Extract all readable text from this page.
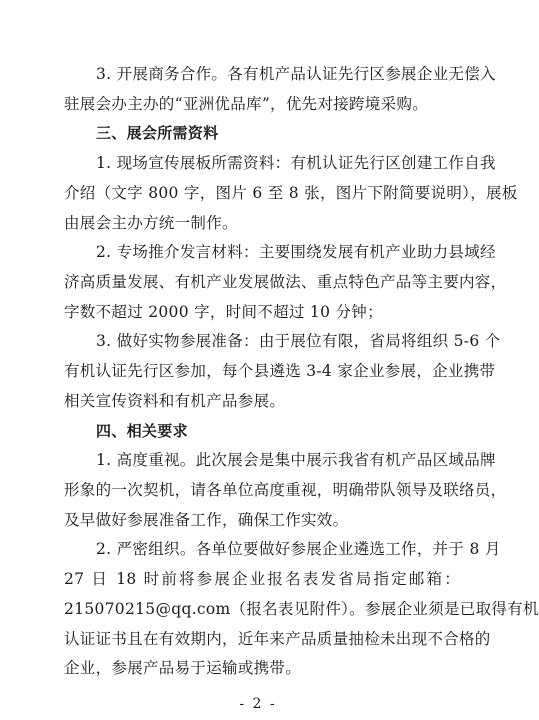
3. 开展商务合作。各有机产品认证先行区参展企业无偿入
驻展会办主办的“亚洲优品库”，优先对接跨境采购。
三、展会所需资料
1. 现场宣传展板所需资料：有机认证先行区创建工作自我
介绍（文字 800 字，图片 6 至 8 张，图片下附简要说明），展板
由展会主办方统一制作。
2. 专场推介发言材料：主要围绕发展有机产业助力县域经
济高质量发展、有机产业发展做法、重点特色产品等主要内容，
字数不超过 2000 字，时间不超过 10 分钟；
3. 做好实物参展准备：由于展位有限，省局将组织 5-6 个
有机认证先行区参加，每个县遴选 3-4 家企业参展，企业携带
相关宣传资料和有机产品参展。
四、相关要求
1. 高度重视。此次展会是集中展示我省有机产品区域品牌
形象的一次契机，请各单位高度重视，明确带队领导及联络员，
及早做好参展准备工作，确保工作实效。
2. 严密组织。各单位要做好参展企业遴选工作，并于 8 月
27 日 18 时前将参展企业报名表发省局指定邮箱：
215070215@qq.com（报名表见附件）。参展企业须是已取得有机
认证证书且在有效期内，近年来产品质量抽检未出现不合格的
企业，参展产品易于运输或携带。
- 2 -
